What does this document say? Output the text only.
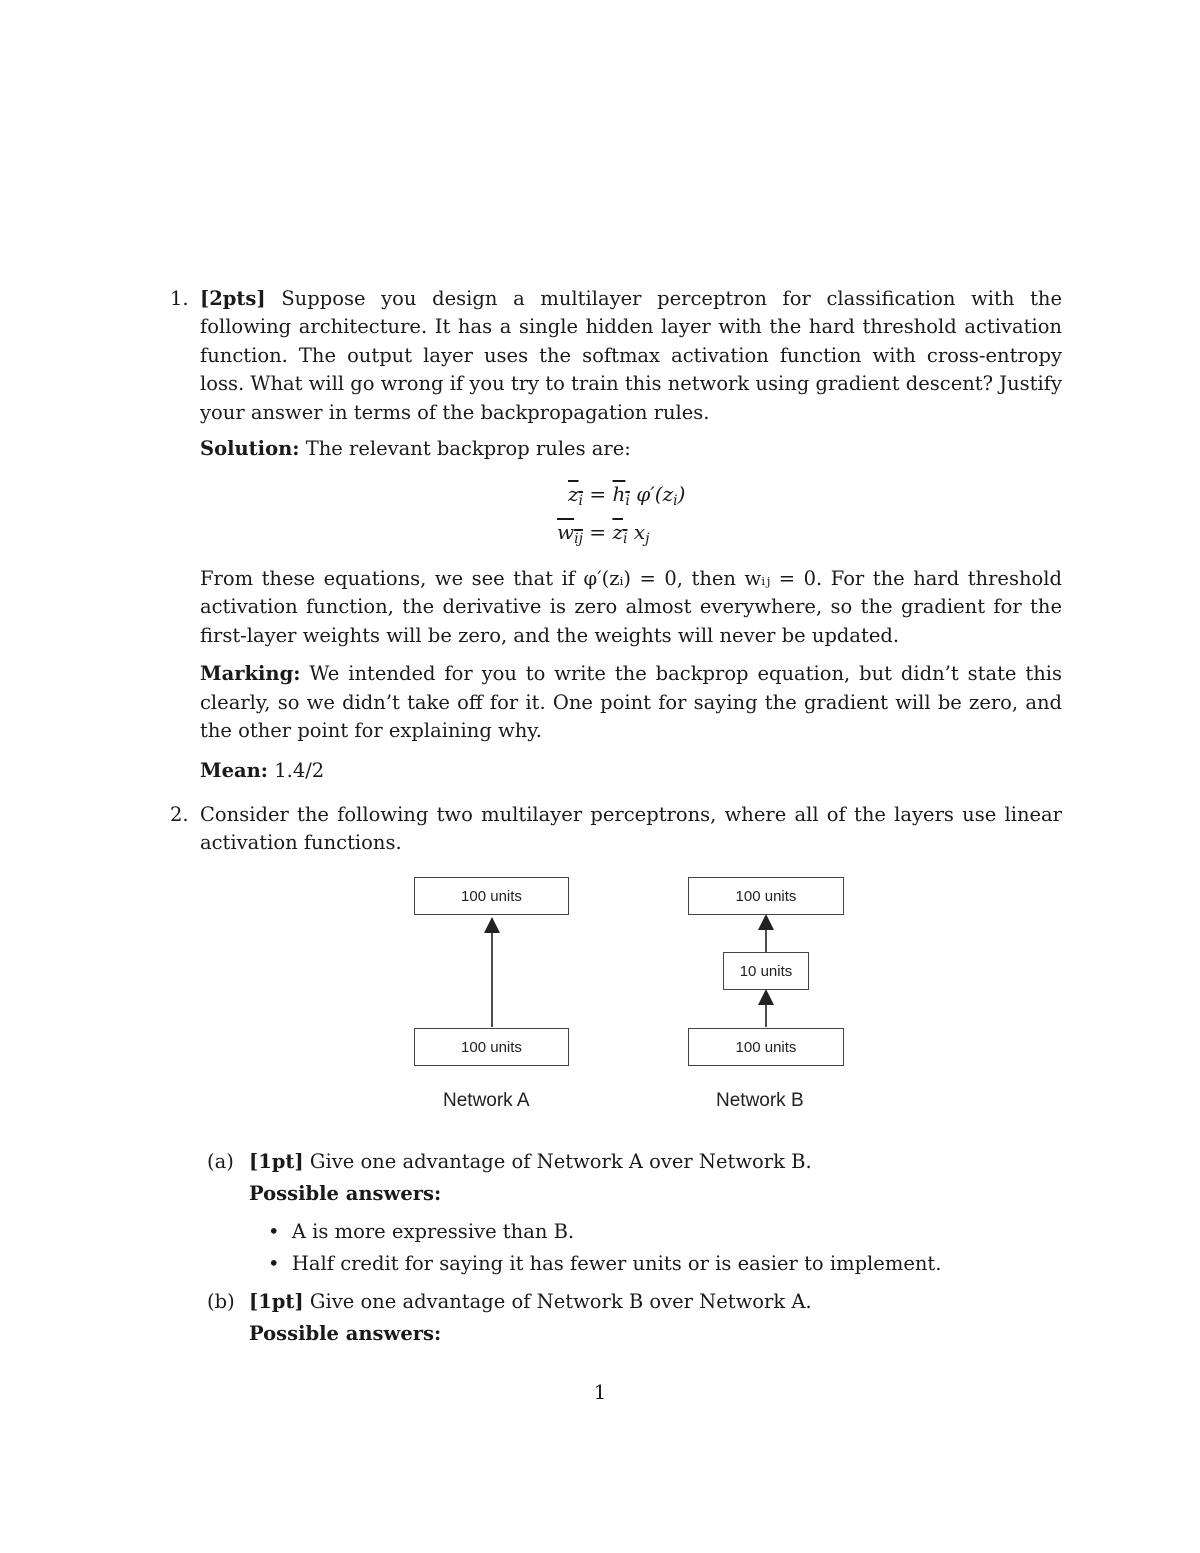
1. [2pts] Suppose you design a multilayer perceptron for classification with the following architecture. It has a single hidden layer with the hard threshold activation function. The output layer uses the softmax activation function with cross-entropy loss. What will go wrong if you try to train this network using gradient descent? Justify your answer in terms of the backpropagation rules.

Solution: The relevant backprop rules are:

$z_i = h_i$ $\varphi'(z_i)$
$w_{ij} = z_i$ $x_j$

From these equations, we see that if φ′(zᵢ) = 0, then wᵢⱼ = 0. For the hard threshold activation function, the derivative is zero almost everywhere, so the gradient for the first-layer weights will be zero, and the weights will never be updated.

Marking: We intended for you to write the backprop equation, but didn’t state this clearly, so we didn’t take off for it. One point for saying the gradient will be zero, and the other point for explaining why.

Mean: 1.4/2

2. Consider the following two multilayer perceptrons, where all of the layers use linear activation functions.

100 units
100 units
Network A
100 units
10 units
100 units
Network B
(a) [1pt] Give one advantage of Network A over Network B.
Possible answers:
•  A is more expressive than B.
•  Half credit for saying it has fewer units or is easier to implement.
(b) [1pt] Give one advantage of Network B over Network A.
Possible answers:
1
